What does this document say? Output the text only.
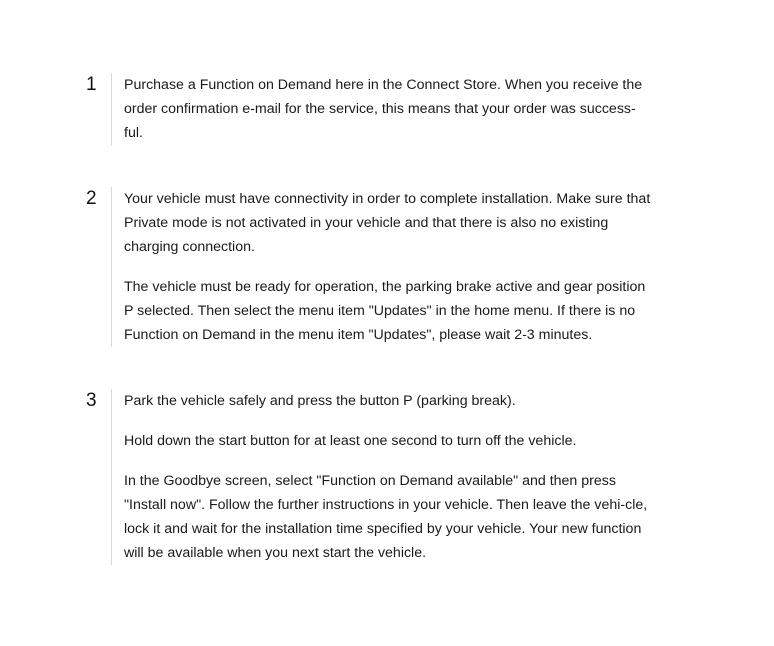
1	Purchase a Function on Demand here in the Connect Store. When you receive the order confirmation e-mail for the service, this means that your order was success-ful.

2	Your vehicle must have connectivity in order to complete installation. Make sure that Private mode is not activated in your vehicle and that there is also no existing charging connection.

The vehicle must be ready for operation, the parking brake active and gear position P selected. Then select the menu item "Updates" in the home menu. If there is no Function on Demand in the menu item "Updates", please wait 2-3 minutes.

3	Park the vehicle safely and press the button P (parking break).

Hold down the start button for at least one second to turn off the vehicle.

In the Goodbye screen, select "Function on Demand available" and then press "Install now". Follow the further instructions in your vehicle. Then leave the vehi-cle, lock it and wait for the installation time specified by your vehicle. Your new function will be available when you next start the vehicle.
